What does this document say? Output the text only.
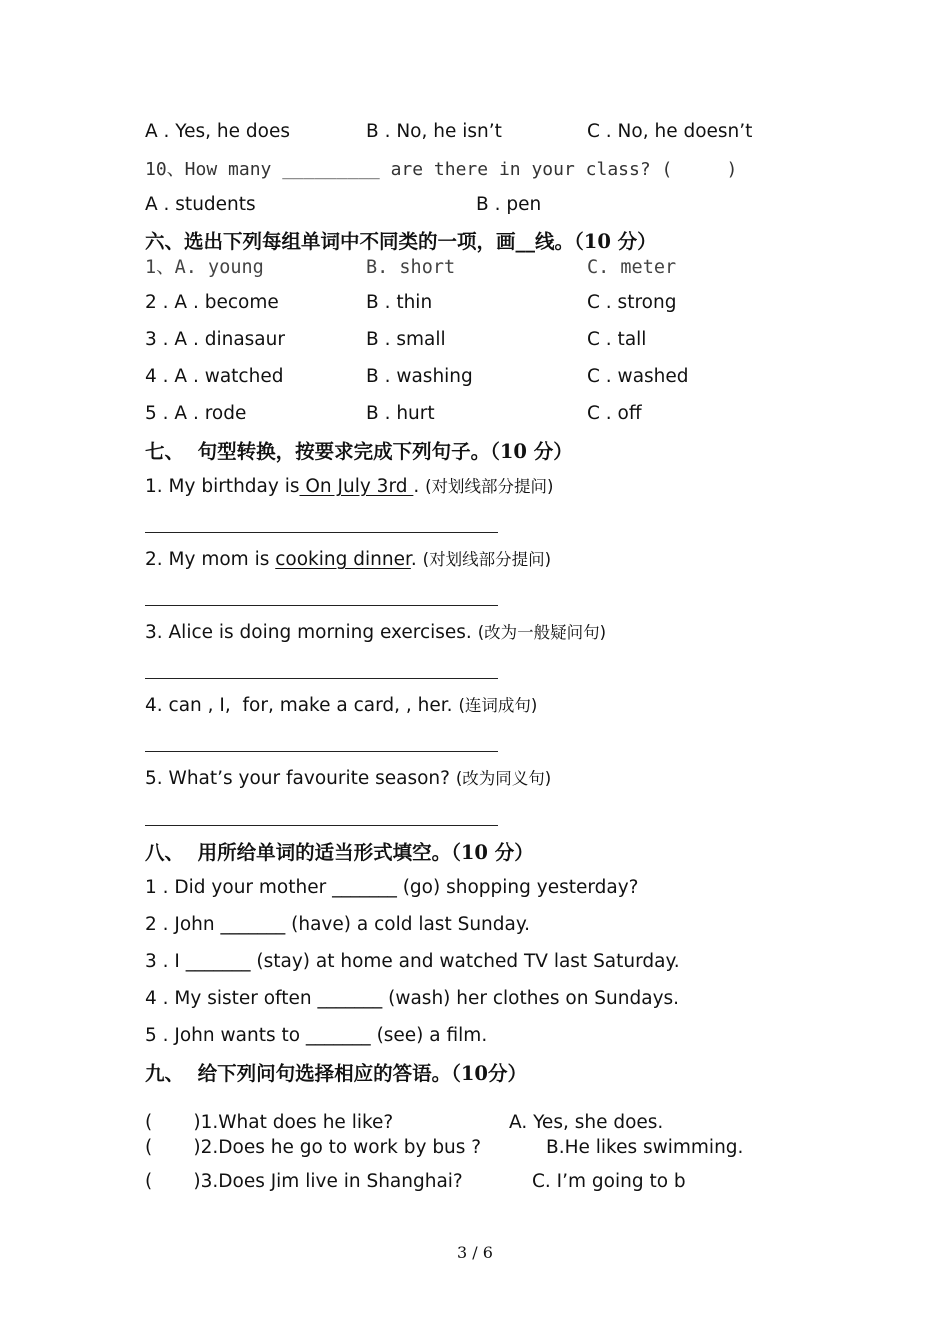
A . Yes, he does	B . No, he isn’t	C . No, he doesn’t
10、How many _________ are there in your class? (     )
A . students	B . pen
六、选出下列每组单词中不同类的一项，画__线。（10 分）
1、A. young	B. short	C. meter
2 . A . become	B . thin	C . strong
3 . A . dinasaur	B . small	C . tall
4 . A . watched	B . washing	C . washed
5 . A . rode	B . hurt	C . off
七、  句型转换，按要求完成下列句子。（10 分）
1. My birthday is On July 3rd . (对划线部分提问)
2. My mom is cooking dinner. (对划线部分提问)
3. Alice is doing morning exercises. (改为一般疑问句)
4. can , I,  for, make a card, , her. (连词成句)
5. What’s your favourite season? (改为同义句)
八、  用所给单词的适当形式填空。（10 分）
1 . Did your mother _______ (go) shopping yesterday?
2 . John _______ (have) a cold last Sunday.
3 . I _______ (stay) at home and watched TV last Saturday.
4 . My sister often _______ (wash) her clothes on Sundays.
5 . John wants to _______ (see) a film.
九、  给下列问句选择相应的答语。（10分）
(       )1.What does he like?	A. Yes, she does.
(       )2.Does he go to work by bus ?	B.He likes swimming.
(       )3.Does Jim live in Shanghai?	C. I’m going to b
3 / 6
